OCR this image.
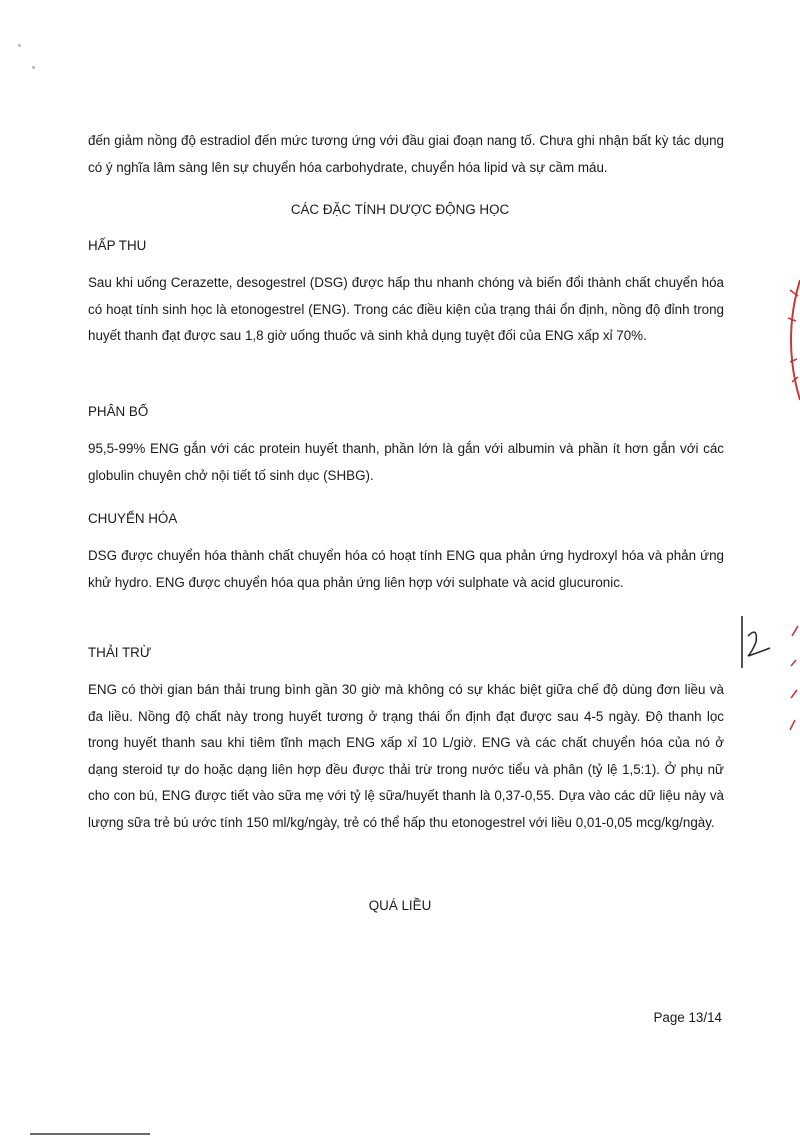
đến giảm nồng độ estradiol đến mức tương ứng với đầu giai đoạn nang tố. Chưa ghi nhận bất kỳ tác dụng có ý nghĩa lâm sàng lên sự chuyển hóa carbohydrate, chuyển hóa lipid và sự cầm máu.

CÁC ĐẶC TÍNH DƯỢC ĐỘNG HỌC

HẤP THU

Sau khi uống Cerazette, desogestrel (DSG) được hấp thu nhanh chóng và biến đổi thành chất chuyển hóa có hoạt tính sinh học là etonogestrel (ENG). Trong các điều kiện của trạng thái ổn định, nồng độ đỉnh trong huyết thanh đạt được sau 1,8 giờ uống thuốc và sinh khả dụng tuyệt đối của ENG xấp xỉ 70%.

PHÂN BỐ

95,5-99% ENG gắn với các protein huyết thanh, phần lớn là gắn với albumin và phần ít hơn gắn với các globulin chuyên chở nội tiết tố sinh dục (SHBG).

CHUYỂN HÓA

DSG được chuyển hóa thành chất chuyển hóa có hoạt tính ENG qua phản ứng hydroxyl hóa và phản ứng khử hydro. ENG được chuyển hóa qua phản ứng liên hợp với sulphate và acid glucuronic.

THẢI TRỪ

ENG có thời gian bán thải trung bình gần 30 giờ mà không có sự khác biệt giữa chế độ dùng đơn liều và đa liều. Nồng độ chất này trong huyết tương ở trạng thái ổn định đạt được sau 4-5 ngày. Độ thanh lọc trong huyết thanh sau khi tiêm tĩnh mạch ENG xấp xỉ 10 L/giờ. ENG và các chất chuyển hóa của nó ở dạng steroid tự do hoặc dạng liên hợp đều được thải trừ trong nước tiểu và phân (tỷ lệ 1,5:1). Ở phụ nữ cho con bú, ENG được tiết vào sữa mẹ với tỷ lệ sữa/huyết thanh là 0,37-0,55. Dựa vào các dữ liệu này và lượng sữa trẻ bú ước tính 150 ml/kg/ngày, trẻ có thể hấp thu etonogestrel với liều 0,01-0,05 mcg/kg/ngày.

QUÁ LIỀU

Page 13/14
